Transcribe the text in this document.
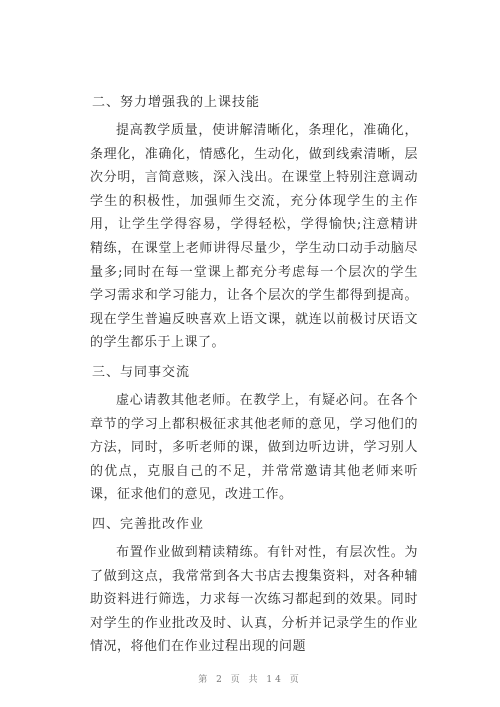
二、努力增强我的上课技能

提高教学质量，使讲解清晰化，条理化，准确化，条理化，准确化，情感化，生动化，做到线索清晰，层次分明，言简意赅，深入浅出。在课堂上特别注意调动学生的积极性，加强师生交流，充分体现学生的主作用，让学生学得容易，学得轻松，学得愉快;注意精讲精练，在课堂上老师讲得尽量少，学生动口动手动脑尽量多;同时在每一堂课上都充分考虑每一个层次的学生学习需求和学习能力，让各个层次的学生都得到提高。现在学生普遍反映喜欢上语文课，就连以前极讨厌语文的学生都乐于上课了。

三、与同事交流

虚心请教其他老师。在教学上，有疑必问。在各个章节的学习上都积极征求其他老师的意见，学习他们的方法，同时，多听老师的课，做到边听边讲，学习别人的优点，克服自己的不足，并常常邀请其他老师来听课，征求他们的意见，改进工作。

四、完善批改作业

布置作业做到精读精练。有针对性，有层次性。为了做到这点，我常常到各大书店去搜集资料，对各种辅助资料进行筛选，力求每一次练习都起到的效果。同时对学生的作业批改及时、认真，分析并记录学生的作业情况，将他们在作业过程出现的问题

第 2 页 共 14 页
